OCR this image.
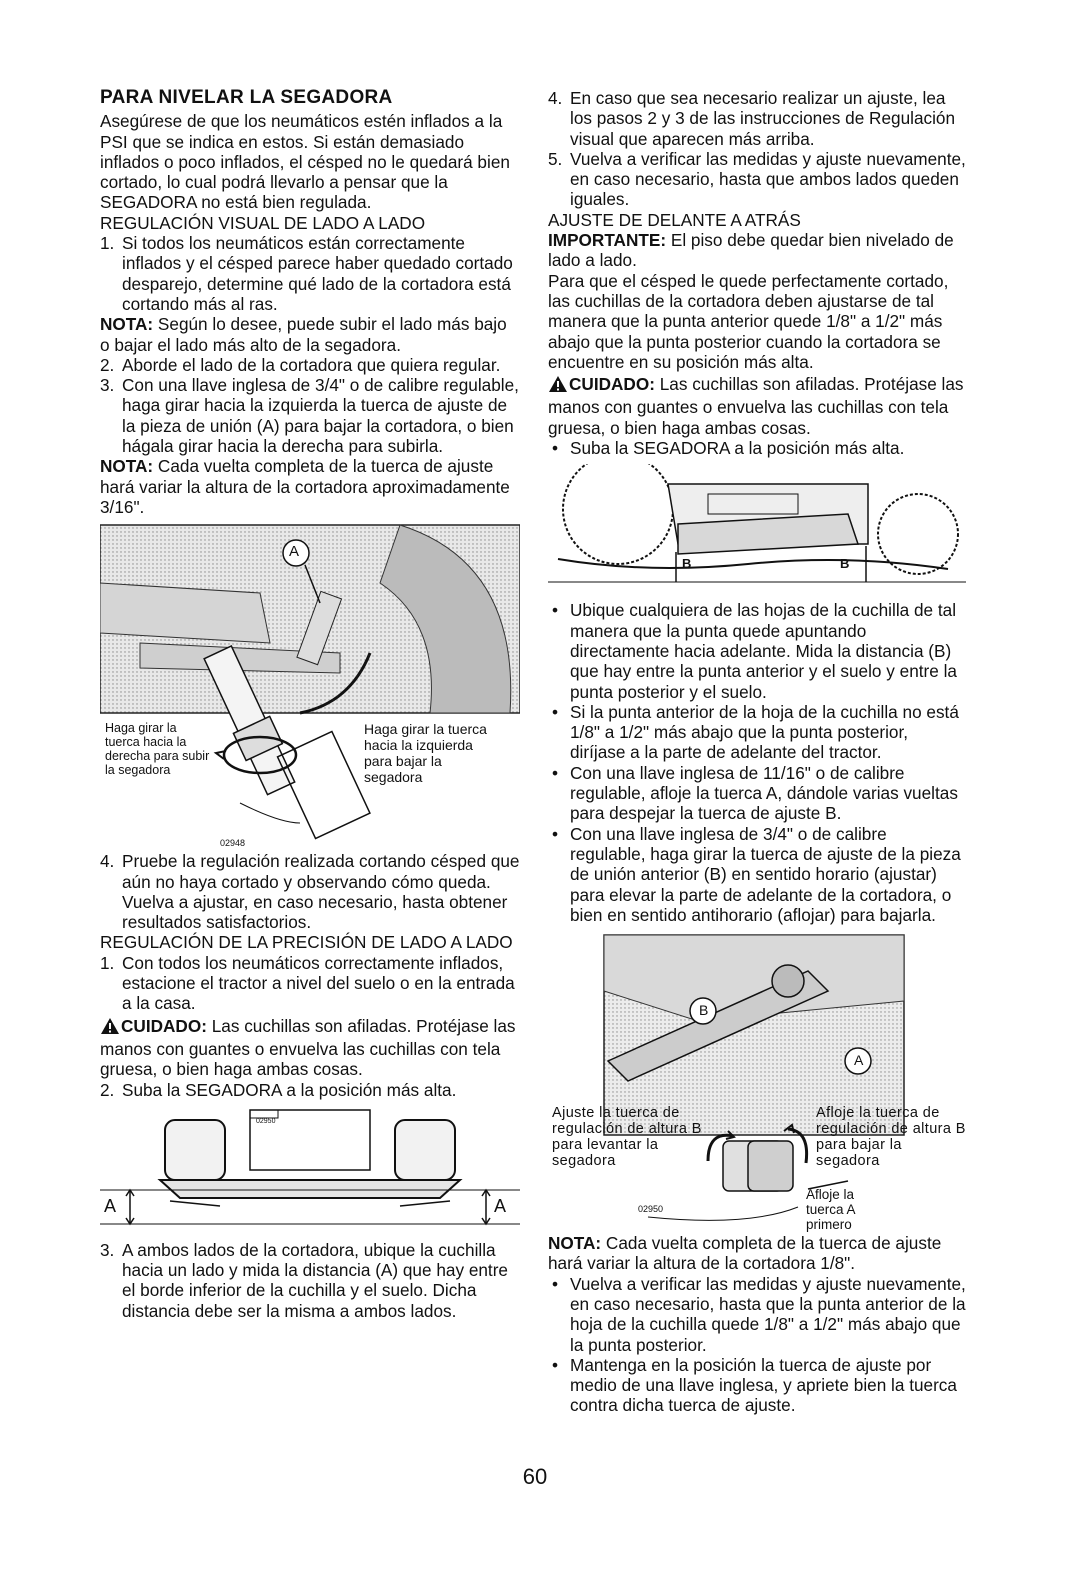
PARA NIVELAR LA SEGADORA

Asegúrese de que los neumáticos estén inflados a la PSI que se indica en estos. Si están demasiado inflados o poco inflados, el césped no le quedará bien cortado, lo cual podrá llevarlo a pensar que la SEGADORA no está bien regulada.

REGULACIÓN VISUAL DE LADO A LADO
1. Si todos los neumáticos están correctamente inflados y el césped parece haber quedado cortado desparejo, determine qué lado de la cortadora está cortando más al ras.

NOTA: Según lo desee, puede subir el lado más bajo o bajar el lado más alto de la segadora.

2. Aborde el lado de la cortadora que quiera regular.
3. Con una llave inglesa de 3/4" o de calibre regulable, haga girar hacia la izquierda la tuerca de ajuste de la pieza de unión (A) para bajar la cortadora, o bien hágala girar hacia la derecha para subirla.

NOTA: Cada vuelta completa de la tuerca de ajuste hará variar la altura de la cortadora aproximadamente 3/16".

A
Haga girar la tuerca hacia la derecha para subir la segadora
Haga girar la tuerca hacia la izquierda para bajar la segadora
02948
4. Pruebe la regulación realizada cortando césped que aún no haya cortado y observando cómo queda. Vuelva a ajustar, en caso necesario, hasta obtener resultados satisfactorios.
REGULACIÓN DE LA PRECISIÓN DE LADO A LADO
1. Con todos los neumáticos correctamente inflados, estacione el tractor a nivel del suelo o en la entrada a la casa.

CUIDADO: Las cuchillas son afiladas. Protéjase las manos con guantes o envuelva las cuchillas con tela gruesa, o bien haga ambas cosas.

2. Suba la SEGADORA a la posición más alta.
A	A
02950
3. A ambos lados de la cortadora, ubique la cuchilla hacia un lado y mida la distancia (A) que hay entre el borde inferior de la cuchilla y el suelo. Dicha distancia debe ser la misma a ambos lados.
4. En caso que sea necesario realizar un ajuste, lea los pasos 2 y 3 de las instrucciones de Regulación visual que aparecen más arriba.
5. Vuelva a verificar las medidas y ajuste nuevamente, en caso necesario, hasta que ambos lados queden iguales.
AJUSTE DE DELANTE A ATRÁS

IMPORTANTE: El piso debe quedar bien nivelado de lado a lado.

Para que el césped le quede perfectamente cortado, las cuchillas de la cortadora deben ajustarse de tal manera que la punta anterior quede 1/8" a 1/2" más abajo que la punta posterior cuando la cortadora se encuentre en su posición más alta.

CUIDADO: Las cuchillas son afiladas. Protéjase las manos con guantes o envuelva las cuchillas con tela gruesa, o bien haga ambas cosas.

• Suba la SEGADORA a la posición más alta.
B	B
• Ubique cualquiera de las hojas de la cuchilla de tal manera que la punta quede apuntando directamente hacia adelante. Mida la distancia (B) que hay entre la punta anterior y el suelo y entre la punta posterior y el suelo.
• Si la punta anterior de la hoja de la cuchilla no está 1/8" a 1/2" más abajo que la punta posterior, diríjase a la parte de adelante del tractor.
• Con una llave inglesa de 11/16" o de calibre regulable, afloje la tuerca A, dándole varias vueltas para despejar la tuerca de ajuste B.
• Con una llave inglesa de 3/4" o de calibre regulable, haga girar la tuerca de ajuste de la pieza de unión anterior (B) en sentido horario (ajustar) para elevar la parte de adelante de la cortadora, o bien en sentido antihorario (aflojar) para bajarla.
B
A
Ajuste la tuerca de regulación de altura B para levantar la segadora
Afloje la tuerca de regulación de altura B para bajar la segadora
Afloje la tuerca A primero
02950

NOTA: Cada vuelta completa de la tuerca de ajuste hará variar la altura de la cortadora 1/8".

• Vuelva a verificar las medidas y ajuste nuevamente, en caso necesario, hasta que la punta anterior de la hoja de la cuchilla quede 1/8" a 1/2" más abajo que la punta posterior.
• Mantenga en la posición la tuerca de ajuste por medio de una llave inglesa, y apriete bien la tuerca contra dicha tuerca de ajuste.
60
